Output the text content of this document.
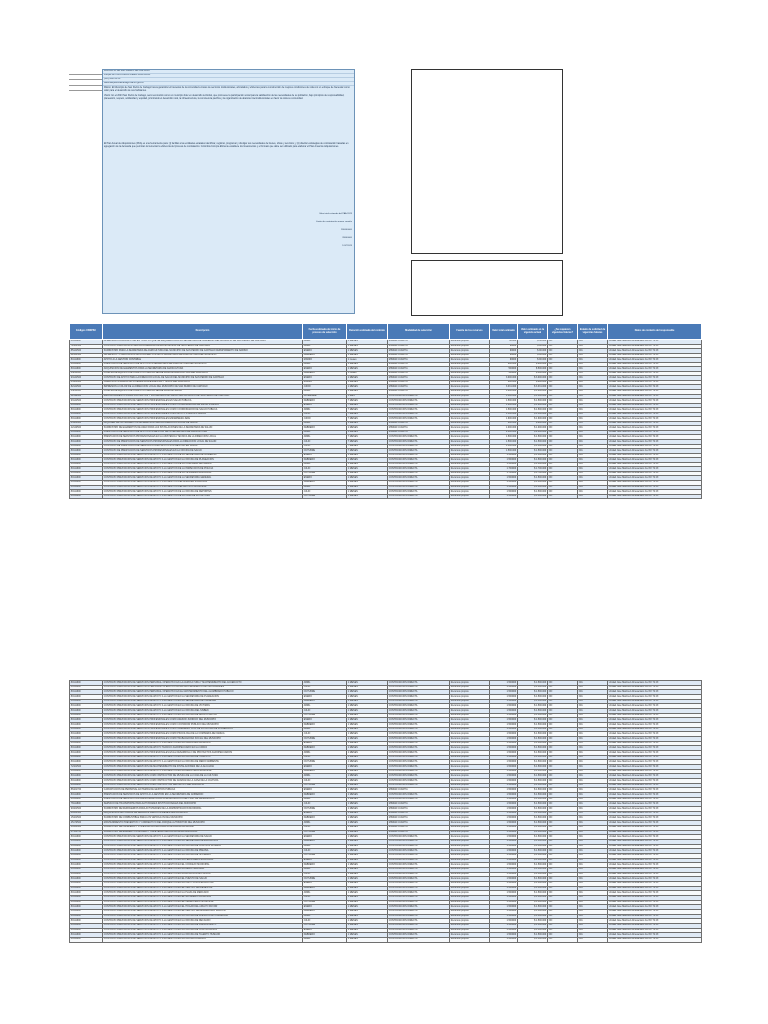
MUNICIPIO DE SAN PEDRO DE CARTAGO
Parque de CONCORDIA Palacio MUNICIPAL
(310) 000 00 00
www.sanpedrodecartago-narino.gov.co
Misión: El Municipio de San Pedro de Cartago busca garantizar el bienestar de la comunidad a través de servicios institucionales, articulados y eficientes para la construcción de mejores condiciones de vida con un enfoque de bienestar como valor para el desarrollo de sus habitantes.
Visión: En el 2023 San Pedro de Cartago, será reconocido como un municipio líder en desarrollo territorial, que promueve la participación social para la satisfacción de las necesidades de su población, bajo principios de responsabilidad, planeación, respeto, solidaridad y equidad, priorizando el desarrollo rural, la infraestructura, la convivencia pacífica y la organización de alianzas interinstitucionales en favor de toda su comunidad.
El Plan Anual de Adquisiciones (PAA) es una herramienta para: (i) facilitar a las entidades estatales identificar, registrar, programar y divulgar sus necesidades de bienes, obras y servicios; y (ii) diseñar estrategias de contratación basadas en agregación de la demanda que permitan incrementar la eficiencia del proceso de contratación. Colombia Compra Eficiente establece los lineamientos y el formato que debe ser utilizado para elaborar el Plan Anual de Adquisiciones.
Valor total estimado del PAA 2023
Límite de contratación menor cuantía
280000000
28000000
1/07/2023
Códigos UNSPSC	Descripción	Fecha estimada de inicio de proceso de selección	Duración estimada del contrato	Modalidad de selección	Fuente de los recursos	Valor total estimado	Valor estimado en la vigencia actual	¿Se requieren vigencias futuras?	Estado de solicitud de vigencias futuras	Datos de contacto del responsable
84111600	APRECIACIÓN PARA APOYAR EN TODO LO QUE SE REQUIERA PARA LA SECRETARÍA DE GOBIERNO DEL MUNICIPIO DE SAN PEDRO DE CARTAGO	ABRIL	1 MESES	MINIMA CUANTIA	Recursos propios	30.000	$ 30.000	NO	N/A	Unidad Jose Martinez Almeseriano Cel 3X 72 2X
72101500	CONTRATO PRESTACION PARA LA BODEGA ALCALDIA MUNICIPAL DE SAN PEDRO DE CARTAGO	ABRIL	1 MESES	MINIMA CUANTIA	Recursos propios	90000	$ 90.000	NO	N/A	Unidad Jose Martinez Almeseriano Cel 3X 72 2X
85121500	SUMINISTRO PARA LA SECRETARIA DE AGRICULTURA DEL MUNICIPIO DE SAN PEDRO DE CARTAGO DEPARTAMENTO DE NARIÑO	ENERO	1 MESES	MINIMA CUANTIA	Recursos propios	90000	$ 90.000	NO	N/A	Unidad Jose Martinez Almeseriano Cel 3X 72 2X
82121500	IMPRESION Y PUBLICACION DE DOCUMENTOS DE LA SECRETARIA DE AGRICULTURA DEL MUNICIPIO	FEBRERO	1 MESES	MINIMA CUANTIA	Recursos propios	90000	$ 90.000	NO	N/A	Unidad Jose Martinez Almeseriano Cel 3X 72 2X
84111600	APOYO A LA GESTION CONTABLE	MARZO	1 meses	MINIMA CUANTIA	Recursos propios	90000	$ 90.000	NO	N/A	Unidad Jose Martinez Almeseriano Cel 3X 72 2X
80111600	PRESTACION DE SERVICIOS DE APOYO A LA SECRETARIA DE AGRICULTURA DEL MUNICIPIO	ABRIL	1 MESES	MINIMA CUANTIA	Recursos propios	200.000	$ 200.000	NO	N/A	Unidad Jose Martinez Almeseriano Cel 3X 72 2X
80111600	ADQUISICION DE ELEMENTOS PARA LA SECRETARIA DE AGRICULTURA	ENERO	1 MESES	MINIMA CUANTIA	Recursos propios	500000	$ 500.000	NO	N/A	Unidad Jose Martinez Almeseriano Cel 3X 72 2X
43211500	COMPRA DE EQUIPOS DE COMPUTO PARA LA SECRETARIA DE AGRICULTURA DEL MUNICIPIO	FEBRERO	1 meses	MINIMA CUANTIA	Recursos propios	500000	$ 500.000	NO	N/A	Unidad Jose Martinez Almeseriano Cel 3X 72 2X
93141500	CONTRATO DE APOYO PARA LA DIRECCION LOCAL DE SALUD DEL MUNICIPIO DE SAN PEDRO DE CARTAGO	ENERO	1 MESES	MINIMA CUANTIA	Recursos propios	3.000.000	$ 3.000.000	NO	N/A	Unidad Jose Martinez Almeseriano Cel 3X 72 2X
85101600	CREACION INTEGRAL DE JOVENES ADOLESCENTES Y NIÑOS DEL MUNICIPIO	MARZO	1 MESES	MINIMA CUANTIA	Recursos propios	600.000	$ 600.000	NO	N/A	Unidad Jose Martinez Almeseriano Cel 3X 72 2X
82121500	IMPRESION A COLOR DE LA DIRECCION LOCAL DEL MUNICIPIO DE SAN PEDRO DE CARTAGO	JUNIO	1 MESES	MINIMA CUANTIA	Recursos propios	3.331.000	$ 3.331.000	NO	N/A	Unidad Jose Martinez Almeseriano Cel 3X 72 2X
43211500	COMPRA DE EQUIPOS DE COMPUTO PARA LA SECRETARIA DE SALUD	ABRIL	1 MESES	MINIMA CUANTIA	Recursos propios	1.000.000	$ 1.000.000	NO	N/A	Unidad Jose Martinez Almeseriano Cel 3X 72 2X
42192600	RECONOCIMIENTO ANUAL PROYECTOS Y PROGRAMAS DE SALUD DEL MUNICIPIO DE SAN PEDRO DE CARTAGO	DICIEMBRE	1 MES	CONTRATACION DIRECTA	Recursos propios	1.100.000	$ 1.100.000	NO	N/A	Unidad Jose Martinez Almeseriano Cel 3X 72 2X
93141500	CONTRATO PRESTACION DE SERVICIOS PROFESIONALES EN SALUD PUBLICA	FEBRERO	7 MESES	CONTRATACION DIRECTA	Recursos propios	1.500.000	$ 1.500.000	NO	N/A	Unidad Jose Martinez Almeseriano Cel 3X 72 2X
80111600	CONTRATO PRESTACION DE SERVICIOS PROFESIONALES COMO COORDINADORA DE SALUD PUBLICA	ENERO	7 MESES	CONTRATACION DIRECTA	Recursos propios	1.600.000	$ 1.600.000	NO	N/A	Unidad Jose Martinez Almeseriano Cel 3X 72 2X
80111600	CONTRATO PRESTACION DE SERVICIOS PROFESIONALES COMO COORDINADOR DE SALUD PUBLICA	ABRIL	7 MESES	CONTRATACION DIRECTA	Recursos propios	1.500.000	$ 1.500.000	NO	N/A	Unidad Jose Martinez Almeseriano Cel 3X 72 2X
80111600	CONTRATO PRESTACION DE SERVICIOS PROFESIONALES COMO APOYO A SALUD PUBLICA	JULIO	7 MESES	CONTRATACION DIRECTA	Recursos propios	1.500.000	$ 1.500.000	NO	N/A	Unidad Jose Martinez Almeseriano Cel 3X 72 2X
80111600	CONTRATO PRESTACION DE SERVICIOS PROFESIONALES ENFERMERA JEFE	JUNIO	7 MESES	CONTRATACION DIRECTA	Recursos propios	1.600.000	$ 1.600.000	NO	N/A	Unidad Jose Martinez Almeseriano Cel 3X 72 2X
85101600	ALQUILER DE INSTRUMENTOS DE MEDICION PARA LA DIRECCION LOCAL DE SALUD	ABRIL	1 MESES	MINIMA CUANTIA	Recursos propios	600.000	$ 600.000	NO	N/A	Unidad Jose Martinez Almeseriano Cel 3X 72 2X
42142500	SUMINISTRO DE ELEMENTOS DE ASEO PARA LAS INSTALACIONES DE LA SECRETARIA DE SALUD	FEBRERO	1 MESES	MINIMA CUANTIA	Recursos propios	1.000.000	$ 1.000.000	NO	N/A	Unidad Jose Martinez Almeseriano Cel 3X 72 2X
80111600	PRESTACION DE SERVICIOS DE APOYO A LA GESTION DE LA SECRETARIA DE AGRICULTURA	ABRIL	1 MESES	MINIMA CUANTIA	Recursos propios	2.300.000	$ 2.300.000	NO	N/A	Unidad Jose Martinez Almeseriano Cel 3X 72 2X
80111600	PRESTACION DE SERVICIOS PROFESIONALES EN LA ASISTENCIA TECNICA DE LA DIRECCION LOCAL	ABRIL	7 MESES	CONTRATACION DIRECTA	Recursos propios	1.500.000	$ 1.500.000	NO	N/A	Unidad Jose Martinez Almeseriano Cel 3X 72 2X
80111600	CONTRATO DE PRESTACION DE SERVICIOS PROFESIONALES PARA LA DIRECCION LOCAL DE SALUD	JULIO	7 MESES	CONTRATACION DIRECTA	Recursos propios	1.500.000	$ 1.500.000	NO	N/A	Unidad Jose Martinez Almeseriano Cel 3X 72 2X
80111600	CONTRATO DE PRESTACION DE SERVICIOS COMO APOYO A LA GESTION EN SALUD	JULIO	7 MESES	CONTRATACION DIRECTA	Recursos propios	1.500.000	$ 1.500.000	NO	N/A	Unidad Jose Martinez Almeseriano Cel 3X 72 2X
80111600	CONTRATO DE PRESTACION DE SERVICIOS PROFESIONALES EN LA OFICINA DE SALUD	OCTUBRE	7 MESES	CONTRATACION DIRECTA	Recursos propios	1.500.000	$ 1.500.000	NO	N/A	Unidad Jose Martinez Almeseriano Cel 3X 72 2X
80111600	CONTRATO PRESTACION DE SERVICIOS DE APOYO A LA GESTION DE LA SECRETARIA DE GOBIERNO	ENERO	1 MESES	CONTRATACION DIRECTA	Recursos propios	1.500000	$ 1.500.000	NO	N/A	Unidad Jose Martinez Almeseriano Cel 3X 72 2X
80111600	CONTRATO PRESTACION DE SERVICIOS DE APOYO A LA GESTION EN LA OFICINA DE PLANEACION	FEBRERO	1 MESES	CONTRATACION DIRECTA	Recursos propios	1.500000	$ 1.500.000	NO	N/A	Unidad Jose Martinez Almeseriano Cel 3X 72 2X
80111600	CONTRATO PRESTACION DE SERVICIOS DE APOYO A LA GESTION DE LA COMISARIA DE FAMILIA	ABRIL	1 MESES	CONTRATACION DIRECTA	Recursos propios	1.500000	$ 1.500.000	NO	N/A	Unidad Jose Martinez Almeseriano Cel 3X 72 2X
80111600	CONTRATO PRESTACION DE SERVICIOS DE APOYO A LA GESTION DE LA INSPECCION DE POLICIA	JULIO	1 MESES	CONTRATACION DIRECTA	Recursos propios	1.700000	$ 1.700.000	NO	N/A	Unidad Jose Martinez Almeseriano Cel 3X 72 2X
80111600	CONTRATO PRESTACION DE SERVICIOS DE APOYO A LA GESTION DE LA TESORERIA MUNICIPAL	OCTUBRE	1 MESES	CONTRATACION DIRECTA	Recursos propios	1.700000	$ 1.700.000	NO	N/A	Unidad Jose Martinez Almeseriano Cel 3X 72 2X
80111600	CONTRATO PRESTACION DE SERVICIOS DE APOYO A LA GESTION DE LA SECRETARIA GENERAL	ENERO	1 MESES	CONTRATACION DIRECTA	Recursos propios	1.500000	$ 1.500.000	NO	N/A	Unidad Jose Martinez Almeseriano Cel 3X 72 2X
80111600	CONTRATO PRESTACION DE SERVICIOS DE APOYO A LA GESTION DEL ALMACEN MUNICIPAL	FEBRERO	1 MESES	CONTRATACION DIRECTA	Recursos propios	1.500000	$ 1.500.000	NO	N/A	Unidad Jose Martinez Almeseriano Cel 3X 72 2X
80111600	CONTRATO PRESTACION DE SERVICIOS DE APOYO A LA GESTION DEL ARCHIVO MUNICIPAL	ABRIL	1 MESES	CONTRATACION DIRECTA	Recursos propios	1.500000	$ 1.500.000	NO	N/A	Unidad Jose Martinez Almeseriano Cel 3X 72 2X
80111600	CONTRATO PRESTACION DE SERVICIOS DE APOYO A LA GESTION DE LA OFICINA DE DEPORTES	JULIO	1 MESES	CONTRATACION DIRECTA	Recursos propios	1.500000	$ 1.500.000	NO	N/A	Unidad Jose Martinez Almeseriano Cel 3X 72 2X
80111600	CONTRATO PRESTACION DE SERVICIOS DE APOYO A LA GESTION DE LA CASA DE LA CULTURA	OCTUBRE	1 MESES	CONTRATACION DIRECTA	Recursos propios	1.500000	$ 1.500.000	NO	N/A	Unidad Jose Martinez Almeseriano Cel 3X 72 2X
80111600	CONTRATO PRESTACION DE SERVICIOS PERSONAL OPERATIVO EN LA AGRICULTURA Y MANTENIMIENTO DEL ACUEDUCTO	ABRIL	1 MESES	CONTRATACION DIRECTA	Recursos propios	1.500000	$ 1.500.000	NO	N/A	Unidad Jose Martinez Almeseriano Cel 3X 72 2X
80111600	CONTRATO PRESTACION DE SERVICIOS PERSONAL OPERATIVO EN EL MANTENIMIENTO DE VIAS RURALES	JULIO	1 MESES	CONTRATACION DIRECTA	Recursos propios	1.500000	$ 1.500.000	NO	N/A	Unidad Jose Martinez Almeseriano Cel 3X 72 2X
80111600	CONTRATO PRESTACION DE SERVICIOS PERSONAL OPERATIVO EN EL MANTENIMIENTO DEL ALUMBRADO PUBLICO	OCTUBRE	1 MESES	CONTRATACION DIRECTA	Recursos propios	1.500000	$ 1.500.000	NO	N/A	Unidad Jose Martinez Almeseriano Cel 3X 72 2X
80111600	CONTRATO PRESTACION DE SERVICIOS DE APOYO A LA GESTION EN LA SECRETARIA DE PLANEACION	ENERO	1 MESES	CONTRATACION DIRECTA	Recursos propios	1.500000	$ 1.500.000	NO	N/A	Unidad Jose Martinez Almeseriano Cel 3X 72 2X
80111600	CONTRATO PRESTACION DE SERVICIOS DE APOYO A LA GESTION EN LA SECRETARIA DE HACIENDA	FEBRERO	1 MESES	CONTRATACION DIRECTA	Recursos propios	1.500000	$ 1.500.000	NO	N/A	Unidad Jose Martinez Almeseriano Cel 3X 72 2X
80111600	CONTRATO PRESTACION DE SERVICIOS DE APOYO A LA GESTION EN LA OFICINA DE VICTIMAS	ABRIL	1 MESES	CONTRATACION DIRECTA	Recursos propios	1.500000	$ 1.500.000	NO	N/A	Unidad Jose Martinez Almeseriano Cel 3X 72 2X
80111600	CONTRATO PRESTACION DE SERVICIOS DE APOYO A LA GESTION EN LA OFICINA DEL SISBEN	JULIO	1 MESES	CONTRATACION DIRECTA	Recursos propios	1.500000	$ 1.500.000	NO	N/A	Unidad Jose Martinez Almeseriano Cel 3X 72 2X
80111600	CONTRATO PRESTACION DE SERVICIOS DE APOYO A LA GESTION EN LA OFICINA DE ADULTO MAYOR	OCTUBRE	1 MESES	CONTRATACION DIRECTA	Recursos propios	1.500000	$ 1.500.000	NO	N/A	Unidad Jose Martinez Almeseriano Cel 3X 72 2X
80111600	CONTRATO PRESTACION DE SERVICIOS PROFESIONALES COMO ASESOR JURIDICO DEL MUNICIPIO	ENERO	1 MESES	CONTRATACION DIRECTA	Recursos propios	1.500000	$ 1.500.000	NO	N/A	Unidad Jose Martinez Almeseriano Cel 3X 72 2X
80111600	CONTRATO PRESTACION DE SERVICIOS PROFESIONALES COMO CONTADOR PUBLICO DEL MUNICIPIO	FEBRERO	1 MESES	CONTRATACION DIRECTA	Recursos propios	1.500000	$ 1.500.000	NO	N/A	Unidad Jose Martinez Almeseriano Cel 3X 72 2X
80111600	CONTRATO PRESTACION DE SERVICIOS PROFESIONALES COMO INGENIERO CIVIL DE LA OFICINA DE PLANEACION	ABRIL	1 MESES	CONTRATACION DIRECTA	Recursos propios	1.500000	$ 1.500.000	NO	N/A	Unidad Jose Martinez Almeseriano Cel 3X 72 2X
80111600	CONTRATO PRESTACION DE SERVICIOS PROFESIONALES COMO PSICOLOGA DE LA COMISARIA DE FAMILIA	JULIO	1 MESES	CONTRATACION DIRECTA	Recursos propios	1.500000	$ 1.500.000	NO	N/A	Unidad Jose Martinez Almeseriano Cel 3X 72 2X
80111600	CONTRATO PRESTACION DE SERVICIOS PROFESIONALES COMO TRABAJADORA SOCIAL DEL MUNICIPIO	OCTUBRE	1 MESES	CONTRATACION DIRECTA	Recursos propios	1.500000	$ 1.500.000	NO	N/A	Unidad Jose Martinez Almeseriano Cel 3X 72 2X
80111600	CONTRATO PRESTACION DE SERVICIOS DE APOYO A LA GESTION EN LA UMATA DEL MUNICIPIO	ENERO	1 MESES	CONTRATACION DIRECTA	Recursos propios	1.500000	$ 1.500.000	NO	N/A	Unidad Jose Martinez Almeseriano Cel 3X 72 2X
80111600	CONTRATO PRESTACION DE SERVICIOS DE APOYO TECNICO AGROPECUARIO EN LA UMATA	FEBRERO	1 MESES	CONTRATACION DIRECTA	Recursos propios	1.500000	$ 1.500.000	NO	N/A	Unidad Jose Martinez Almeseriano Cel 3X 72 2X
80111600	CONTRATO PRESTACION DE SERVICIOS PROFESIONALES EN EL DESARROLLO DE PROYECTOS AGROPECUARIOS	ABRIL	1 MESES	CONTRATACION DIRECTA	Recursos propios	1.500000	$ 1.500.000	NO	N/A	Unidad Jose Martinez Almeseriano Cel 3X 72 2X
80111600	CONTRATO PRESTACION DE SERVICIOS DE APOYO A LA GESTION EN LA OFICINA DE TRANSITO	JULIO	1 MESES	CONTRATACION DIRECTA	Recursos propios	1.500000	$ 1.500.000	NO	N/A	Unidad Jose Martinez Almeseriano Cel 3X 72 2X
80111600	CONTRATO PRESTACION DE SERVICIOS DE APOYO A LA GESTION EN LA OFICINA DE MEDIO AMBIENTE	OCTUBRE	1 MESES	CONTRATACION DIRECTA	Recursos propios	1.500000	$ 1.500.000	NO	N/A	Unidad Jose Martinez Almeseriano Cel 3X 72 2X
72101500	CONTRATO PRESTACION DE SERVICIOS DE MANTENIMIENTO DE INSTALACIONES DE LA ALCALDIA	ENERO	1 MESES	CONTRATACION DIRECTA	Recursos propios	1.500000	$ 1.500.000	NO	N/A	Unidad Jose Martinez Almeseriano Cel 3X 72 2X
80111600	CONTRATO PRESTACION DE SERVICIOS DE APOYO A LA GESTION EN LA BIBLIOTECA MUNICIPAL	FEBRERO	1 MESES	CONTRATACION DIRECTA	Recursos propios	1.500000	$ 1.500.000	NO	N/A	Unidad Jose Martinez Almeseriano Cel 3X 72 2X
80111600	CONTRATO PRESTACION DE SERVICIOS COMO INSTRUCTOR DE MUSICA DE LA CASA DE LA CULTURA	ABRIL	1 MESES	CONTRATACION DIRECTA	Recursos propios	1.500000	$ 1.500.000	NO	N/A	Unidad Jose Martinez Almeseriano Cel 3X 72 2X
80111600	CONTRATO PRESTACION DE SERVICIOS COMO INSTRUCTOR DE DANZAS DE LA CASA DE LA CULTURA	JULIO	1 MESES	CONTRATACION DIRECTA	Recursos propios	1.500000	$ 1.500.000	NO	N/A	Unidad Jose Martinez Almeseriano Cel 3X 72 2X
80111600	CONTRATO PRESTACION DE SERVICIOS COMO INSTRUCTOR DEPORTIVO DEL MUNICIPIO	OCTUBRE	1 MESES	CONTRATACION DIRECTA	Recursos propios	1.500000	$ 1.500.000	NO	N/A	Unidad Jose Martinez Almeseriano Cel 3X 72 2X
86101700	CAPACITACION DE PERSONAL EN TEMAS DE GESTION PUBLICA	ENERO	1 MESES	MINIMA CUANTIA	Recursos propios	1.500000	$ 1.500.000	NO	N/A	Unidad Jose Martinez Almeseriano Cel 3X 72 2X
80111600	PRESTACION DE SERVICIOS DE APOYO A LA GESTION EN LA SECRETARIA DE GOBIERNO	FEBRERO	1 MESES	CONTRATACION DIRECTA	Recursos propios	1.500000	$ 1.500.000	NO	N/A	Unidad Jose Martinez Almeseriano Cel 3X 72 2X
80111600	PRESTACION DE SERVICIOS PROFESIONALES PARA LA ELABORACION DEL PLAN DE DESARROLLO	ABRIL	1 MESES	CONTRATACION DIRECTA	Recursos propios	1.500000	$ 1.500.000	NO	N/A	Unidad Jose Martinez Almeseriano Cel 3X 72 2X
78111800	SERVICIO DE TRANSPORTE PARA ACTIVIDADES INSTITUCIONALES DEL MUNICIPIO	JULIO	1 MESES	MINIMA CUANTIA	Recursos propios	1.500000	$ 1.500.000	NO	N/A	Unidad Jose Martinez Almeseriano Cel 3X 72 2X
90101500	SUMINISTRO DE REFRIGERIOS PARA ACTIVIDADES DE LA ADMINISTRACION MUNICIPAL	OCTUBRE	1 MESES	MINIMA CUANTIA	Recursos propios	1.500000	$ 1.500.000	NO	N/A	Unidad Jose Martinez Almeseriano Cel 3X 72 2X
84131500	ADQUISICION DE POLIZAS DE SEGUROS PARA LOS BIENES DEL MUNICIPIO	ENERO	1 MESES	MINIMA CUANTIA	Recursos propios	1.500000	$ 1.500.000	NO	N/A	Unidad Jose Martinez Almeseriano Cel 3X 72 2X
15101500	SUMINISTRO DE COMBUSTIBLE PARA LOS VEHICULOS DEL MUNICIPIO	FEBRERO	1 MESES	MINIMA CUANTIA	Recursos propios	1.500000	$ 1.500.000	NO	N/A	Unidad Jose Martinez Almeseriano Cel 3X 72 2X
25172500	MANTENIMIENTO PREVENTIVO Y CORRECTIVO DEL PARQUE AUTOMOTOR DEL MUNICIPIO	ABRIL	1 MESES	MINIMA CUANTIA	Recursos propios	1.500000	$ 1.500.000	NO	N/A	Unidad Jose Martinez Almeseriano Cel 3X 72 2X
44121600	SUMINISTRO DE PAPELERIA Y UTILES DE OFICINA PARA LA ALCALDIA MUNICIPAL	JULIO	1 MESES	MINIMA CUANTIA	Recursos propios	1.500000	$ 1.500.000	NO	N/A	Unidad Jose Martinez Almeseriano Cel 3X 72 2X
47131700	SUMINISTRO DE ELEMENTOS DE ASEO Y CAFETERIA PARA LA ALCALDIA MUNICIPAL	OCTUBRE	1 MESES	MINIMA CUANTIA	Recursos propios	1.500000	$ 1.500.000	NO	N/A	Unidad Jose Martinez Almeseriano Cel 3X 72 2X
80111600	CONTRATO PRESTACION DE SERVICIOS DE APOYO A LA GESTION EN LA SECRETARIA DE SALUD	ENERO	1 MESES	CONTRATACION DIRECTA	Recursos propios	1.500000	$ 1.500.000	NO	N/A	Unidad Jose Martinez Almeseriano Cel 3X 72 2X
80111600	CONTRATO PRESTACION DE SERVICIOS DE APOYO A LA GESTION EN LA SECRETARIA DE EDUCACION	FEBRERO	1 MESES	CONTRATACION DIRECTA	Recursos propios	1.500000	$ 1.500.000	NO	N/A	Unidad Jose Martinez Almeseriano Cel 3X 72 2X
80111600	CONTRATO PRESTACION DE SERVICIOS DE APOYO A LA GESTION EN LA OFICINA DE CONTROL INTERNO	ABRIL	1 MESES	CONTRATACION DIRECTA	Recursos propios	1.500000	$ 1.500.000	NO	N/A	Unidad Jose Martinez Almeseriano Cel 3X 72 2X
80111600	CONTRATO PRESTACION DE SERVICIOS DE APOYO A LA GESTION EN LA OFICINA DE PRENSA	JULIO	1 MESES	CONTRATACION DIRECTA	Recursos propios	1.500000	$ 1.500.000	NO	N/A	Unidad Jose Martinez Almeseriano Cel 3X 72 2X
80111600	CONTRATO PRESTACION DE SERVICIOS DE APOYO A LA GESTION EN LA OFICINA DE SISTEMAS	OCTUBRE	1 MESES	CONTRATACION DIRECTA	Recursos propios	1.500000	$ 1.500.000	NO	N/A	Unidad Jose Martinez Almeseriano Cel 3X 72 2X
80111600	CONTRATO PRESTACION DE SERVICIOS DE APOYO A LA GESTION EN LA PERSONERIA MUNICIPAL	ENERO	1 MESES	CONTRATACION DIRECTA	Recursos propios	1.500000	$ 1.500.000	NO	N/A	Unidad Jose Martinez Almeseriano Cel 3X 72 2X
80111600	CONTRATO PRESTACION DE SERVICIOS DE APOYO A LA GESTION EN EL CONCEJO MUNICIPAL	FEBRERO	1 MESES	CONTRATACION DIRECTA	Recursos propios	1.500000	$ 1.500.000	NO	N/A	Unidad Jose Martinez Almeseriano Cel 3X 72 2X
80111600	CONTRATO PRESTACION DE SERVICIOS DE APOYO A LA GESTION EN LA REGISTRADURIA	ABRIL	1 MESES	CONTRATACION DIRECTA	Recursos propios	1.500000	$ 1.500.000	NO	N/A	Unidad Jose Martinez Almeseriano Cel 3X 72 2X
80111600	CONTRATO PRESTACION DE SERVICIOS DE APOYO A LA GESTION EN LA ESTACION DE POLICIA	JULIO	1 MESES	CONTRATACION DIRECTA	Recursos propios	1.500000	$ 1.500.000	NO	N/A	Unidad Jose Martinez Almeseriano Cel 3X 72 2X
80111600	CONTRATO PRESTACION DE SERVICIOS DE APOYO A LA GESTION EN EL PUESTO DE SALUD	OCTUBRE	1 MESES	CONTRATACION DIRECTA	Recursos propios	1.500000	$ 1.500.000	NO	N/A	Unidad Jose Martinez Almeseriano Cel 3X 72 2X
80111600	CONTRATO PRESTACION DE SERVICIOS DE APOYO A LA GESTION EN LA INSTITUCION EDUCATIVA	ENERO	1 MESES	CONTRATACION DIRECTA	Recursos propios	1.500000	$ 1.500.000	NO	N/A	Unidad Jose Martinez Almeseriano Cel 3X 72 2X
80111600	CONTRATO PRESTACION DE SERVICIOS DE APOYO A LA GESTION EN EL CENTRO DE BIENESTAR	FEBRERO	1 MESES	CONTRATACION DIRECTA	Recursos propios	1.500000	$ 1.500.000	NO	N/A	Unidad Jose Martinez Almeseriano Cel 3X 72 2X
80111600	CONTRATO PRESTACION DE SERVICIOS DE APOYO A LA GESTION EN LA PLAZA DE MERCADO	ABRIL	1 MESES	CONTRATACION DIRECTA	Recursos propios	1.500000	$ 1.500.000	NO	N/A	Unidad Jose Martinez Almeseriano Cel 3X 72 2X
80111600	CONTRATO PRESTACION DE SERVICIOS DE APOYO A LA GESTION EN EL MATADERO MUNICIPAL	JULIO	1 MESES	CONTRATACION DIRECTA	Recursos propios	1.500000	$ 1.500.000	NO	N/A	Unidad Jose Martinez Almeseriano Cel 3X 72 2X
80111600	CONTRATO PRESTACION DE SERVICIOS DE APOYO A LA GESTION EN EL CEMENTERIO MUNICIPAL	OCTUBRE	1 MESES	CONTRATACION DIRECTA	Recursos propios	1.500000	$ 1.500.000	NO	N/A	Unidad Jose Martinez Almeseriano Cel 3X 72 2X
80111600	CONTRATO PRESTACION DE SERVICIOS DE APOYO A LA GESTION EN EL HOGAR DEL ADULTO MAYOR	ENERO	1 MESES	CONTRATACION DIRECTA	Recursos propios	1.500000	$ 1.500.000	NO	N/A	Unidad Jose Martinez Almeseriano Cel 3X 72 2X
80111600	CONTRATO PRESTACION DE SERVICIOS DE APOYO A LA GESTION EN EL CENTRO DE DESARROLLO INFANTIL	FEBRERO	1 MESES	CONTRATACION DIRECTA	Recursos propios	1.500000	$ 1.500.000	NO	N/A	Unidad Jose Martinez Almeseriano Cel 3X 72 2X
80111600	CONTRATO PRESTACION DE SERVICIOS DE APOYO A LA GESTION EN LA OFICINA DE ATENCION AL CIUDADANO	ABRIL	1 MESES	CONTRATACION DIRECTA	Recursos propios	1.500000	$ 1.500.000	NO	N/A	Unidad Jose Martinez Almeseriano Cel 3X 72 2X
80111600	CONTRATO PRESTACION DE SERVICIOS DE APOYO A LA GESTION EN LA OFICINA DE RECAUDO	JULIO	1 MESES	CONTRATACION DIRECTA	Recursos propios	1.500000	$ 1.500.000	NO	N/A	Unidad Jose Martinez Almeseriano Cel 3X 72 2X
80111600	CONTRATO PRESTACION DE SERVICIOS DE APOYO A LA GESTION EN LA OFICINA DE PRESUPUESTO	OCTUBRE	1 MESES	CONTRATACION DIRECTA	Recursos propios	1.500000	$ 1.500.000	NO	N/A	Unidad Jose Martinez Almeseriano Cel 3X 72 2X
80111600	CONTRATO PRESTACION DE SERVICIOS DE APOYO A LA GESTION EN LA OFICINA DE CONTRATACION	ENERO	1 MESES	CONTRATACION DIRECTA	Recursos propios	1.500000	$ 1.500.000	NO	N/A	Unidad Jose Martinez Almeseriano Cel 3X 72 2X
80111600	CONTRATO PRESTACION DE SERVICIOS DE APOYO A LA GESTION EN LA OFICINA DE TALENTO HUMANO	FEBRERO	1 MESES	CONTRATACION DIRECTA	Recursos propios	1.500000	$ 1.500.000	NO	N/A	Unidad Jose Martinez Almeseriano Cel 3X 72 2X
80111600	CONTRATO PRESTACION DE SERVICIOS DE APOYO A LA GESTION EN LA OFICINA JURIDICA	ABRIL	1 MESES	CONTRATACION DIRECTA	Recursos propios	1.500000	$ 1.500.000	NO	N/A	Unidad Jose Martinez Almeseriano Cel 3X 72 2X
